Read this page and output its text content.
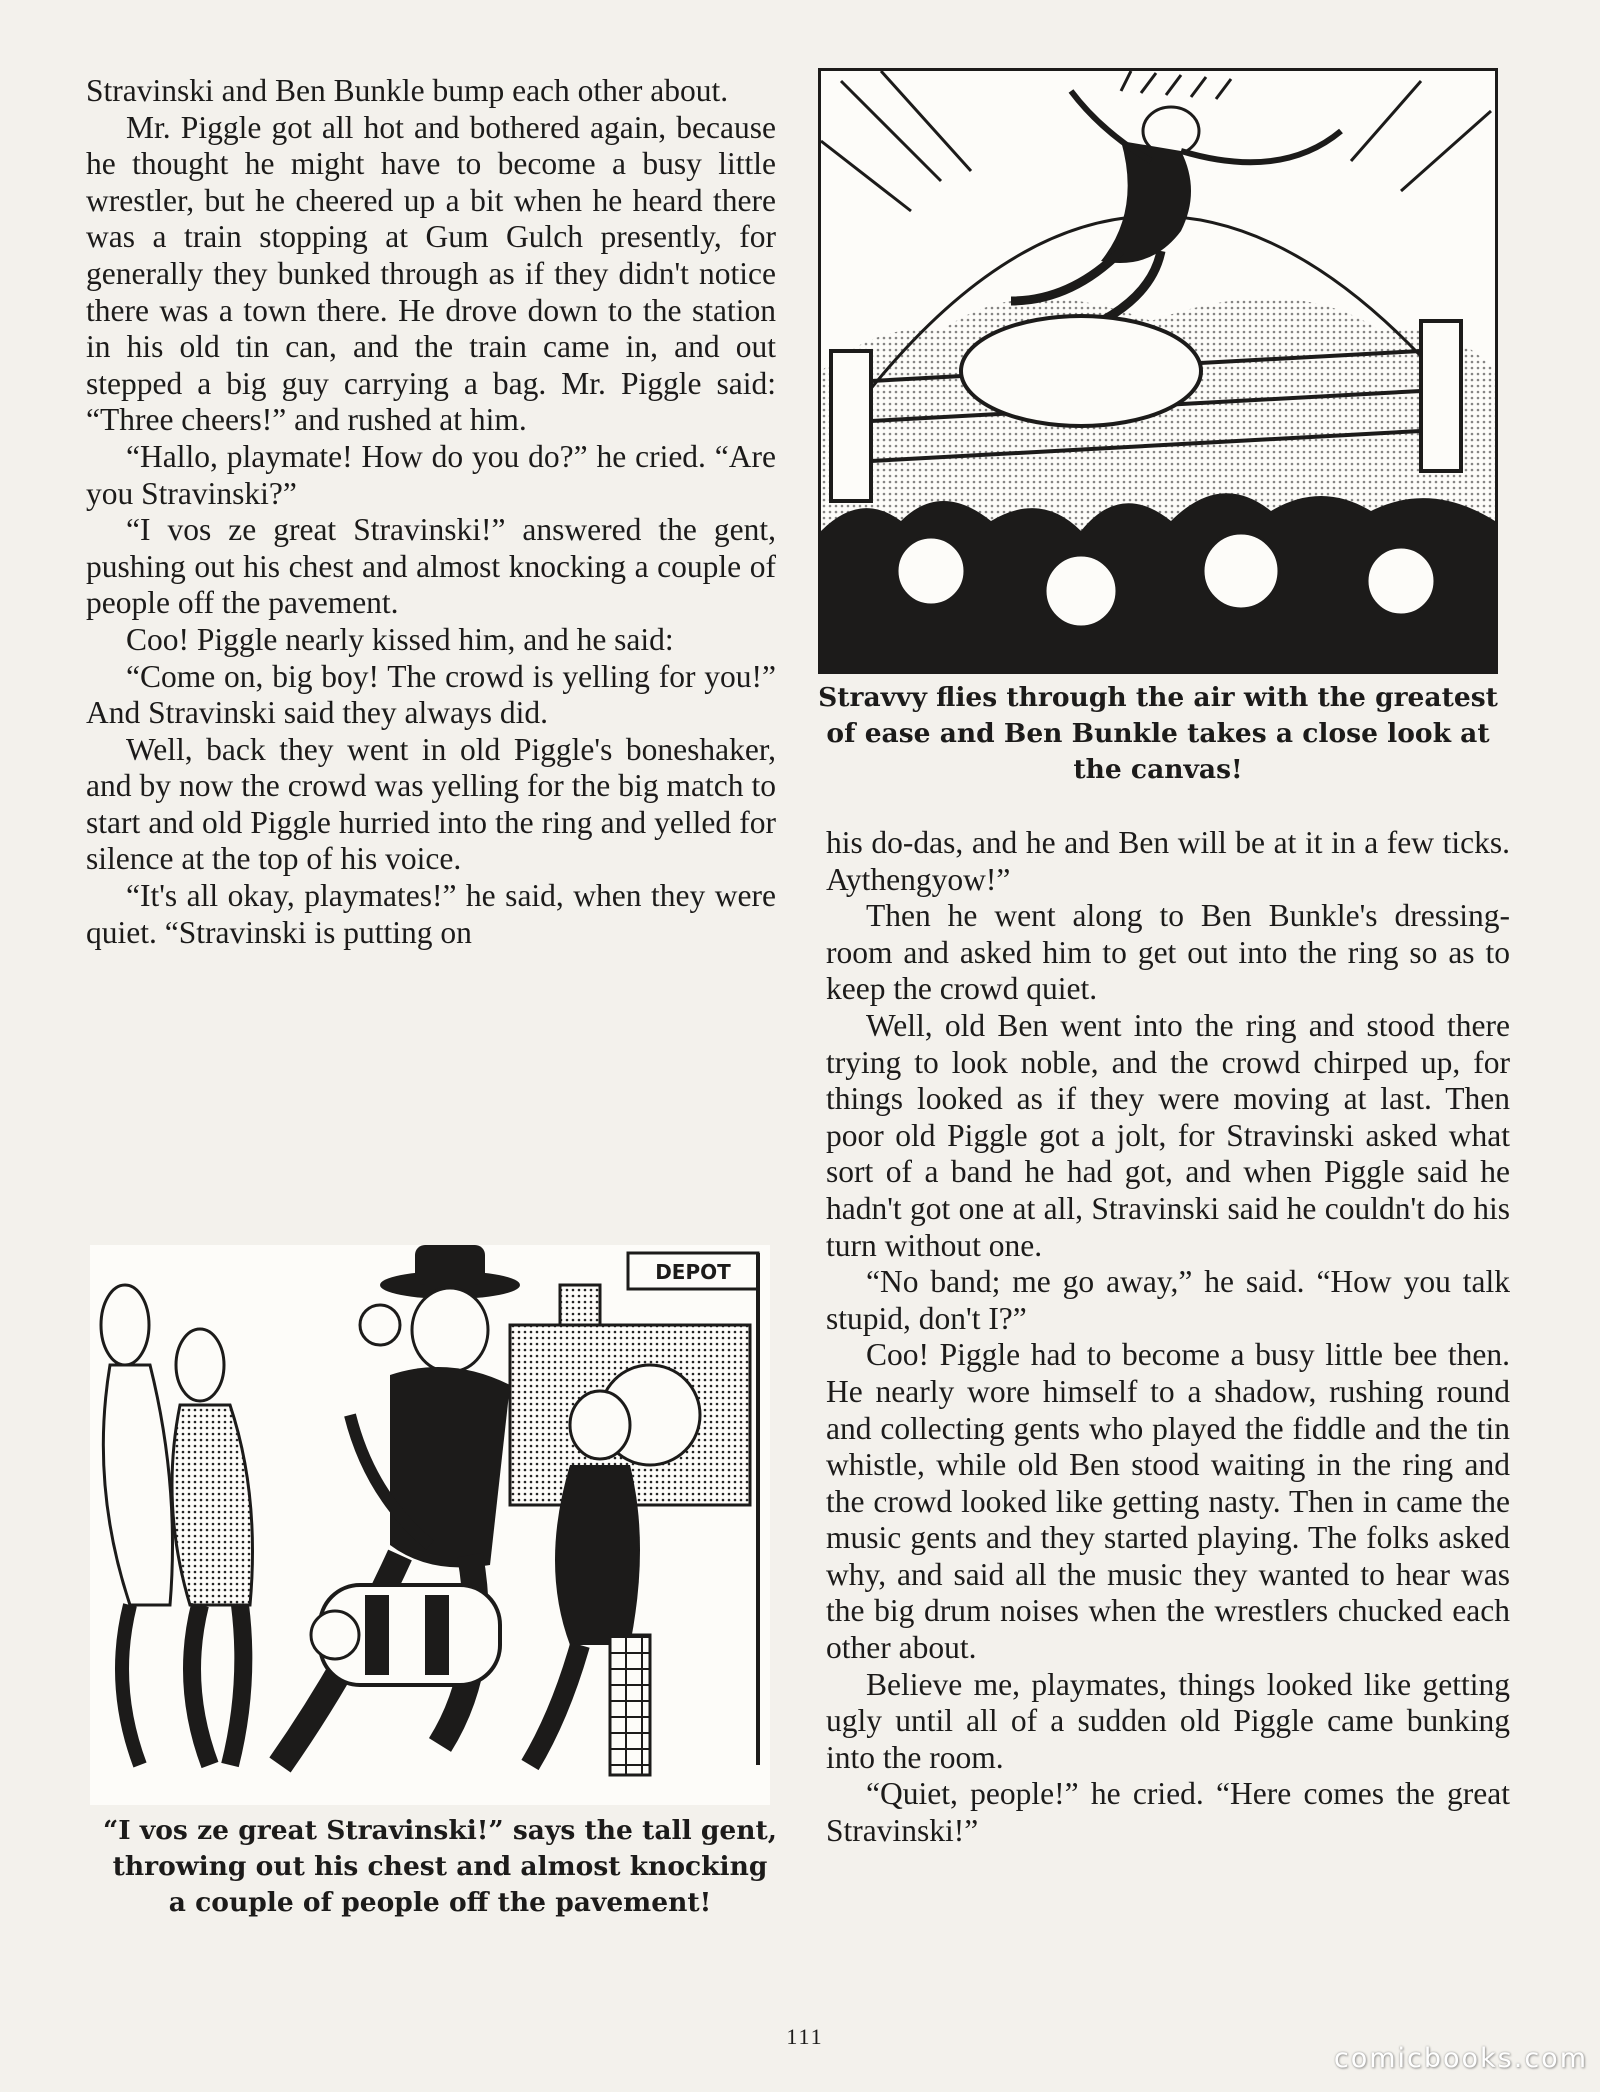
Stravinski and Ben Bunkle bump each other about.

Mr. Piggle got all hot and bothered again, because he thought he might have to become a busy little wrestler, but he cheered up a bit when he heard there was a train stopping at Gum Gulch presently, for generally they bunked through as if they didn't notice there was a town there. He drove down to the station in his old tin can, and the train came in, and out stepped a big guy carrying a bag. Mr. Piggle said: “Three cheers!” and rushed at him.

“Hallo, playmate! How do you do?” he cried. “Are you Stravinski?”

“I vos ze great Stravinski!” answered the gent, pushing out his chest and almost knocking a couple of people off the pavement.

Coo! Piggle nearly kissed him, and he said:

“Come on, big boy! The crowd is yelling for you!” And Stravinski said they always did.

Well, back they went in old Piggle's boneshaker, and by now the crowd was yelling for the big match to start and old Piggle hurried into the ring and yelled for silence at the top of his voice.

“It's all okay, playmates!” he said, when they were quiet. “Stravinski is putting on

Stravvy flies through the air with the greatest of ease and Ben Bunkle takes a close look at the canvas!

his do-das, and he and Ben will be at it in a few ticks. Aythengyow!”

Then he went along to Ben Bunkle's dressing-room and asked him to get out into the ring so as to keep the crowd quiet.

Well, old Ben went into the ring and stood there trying to look noble, and the crowd chirped up, for things looked as if they were moving at last. Then poor old Piggle got a jolt, for Stravinski asked what sort of a band he had got, and when Piggle said he hadn't got one at all, Stravinski said he couldn't do his turn without one.

“No band; me go away,” he said. “How you talk stupid, don't I?”

Coo! Piggle had to become a busy little bee then. He nearly wore himself to a shadow, rushing round and collecting gents who played the fiddle and the tin whistle, while old Ben stood waiting in the ring and the crowd looked like getting nasty. Then in came the music gents and they started playing. The folks asked why, and said all the music they wanted to hear was the big drum noises when the wrestlers chucked each other about.

Believe me, playmates, things looked like getting ugly until all of a sudden old Piggle came bunking into the room.

“Quiet, people!” he cried. “Here comes the great Stravinski!”

DEPOT
“I vos ze great Stravinski!” says the tall gent, throwing out his chest and almost knocking a couple of people off the pavement!
111
comicbooks.com
